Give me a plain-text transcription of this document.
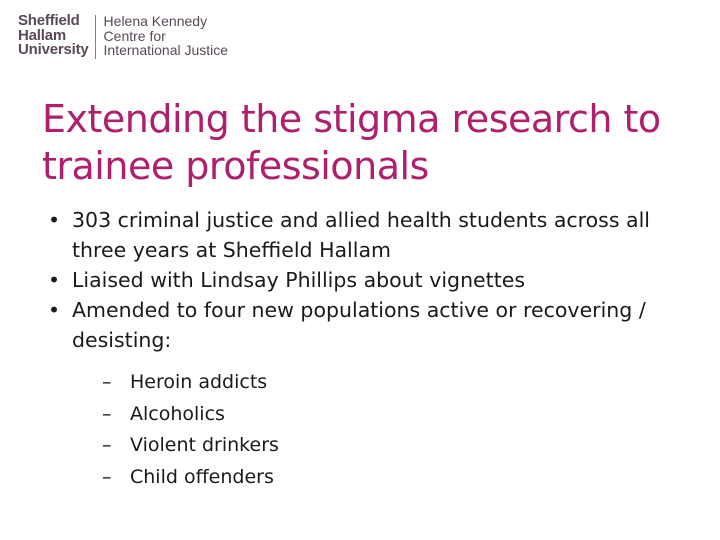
Sheffield
Hallam
University
Helena Kennedy
Centre for
International Justice
Extending the stigma research to trainee professionals
• 303 criminal justice and allied health students across all three years at Sheffield Hallam
• Liaised with Lindsay Phillips about vignettes
• Amended to four new populations active or recovering / desisting:
– Heroin addicts
– Alcoholics
– Violent drinkers
– Child offenders
